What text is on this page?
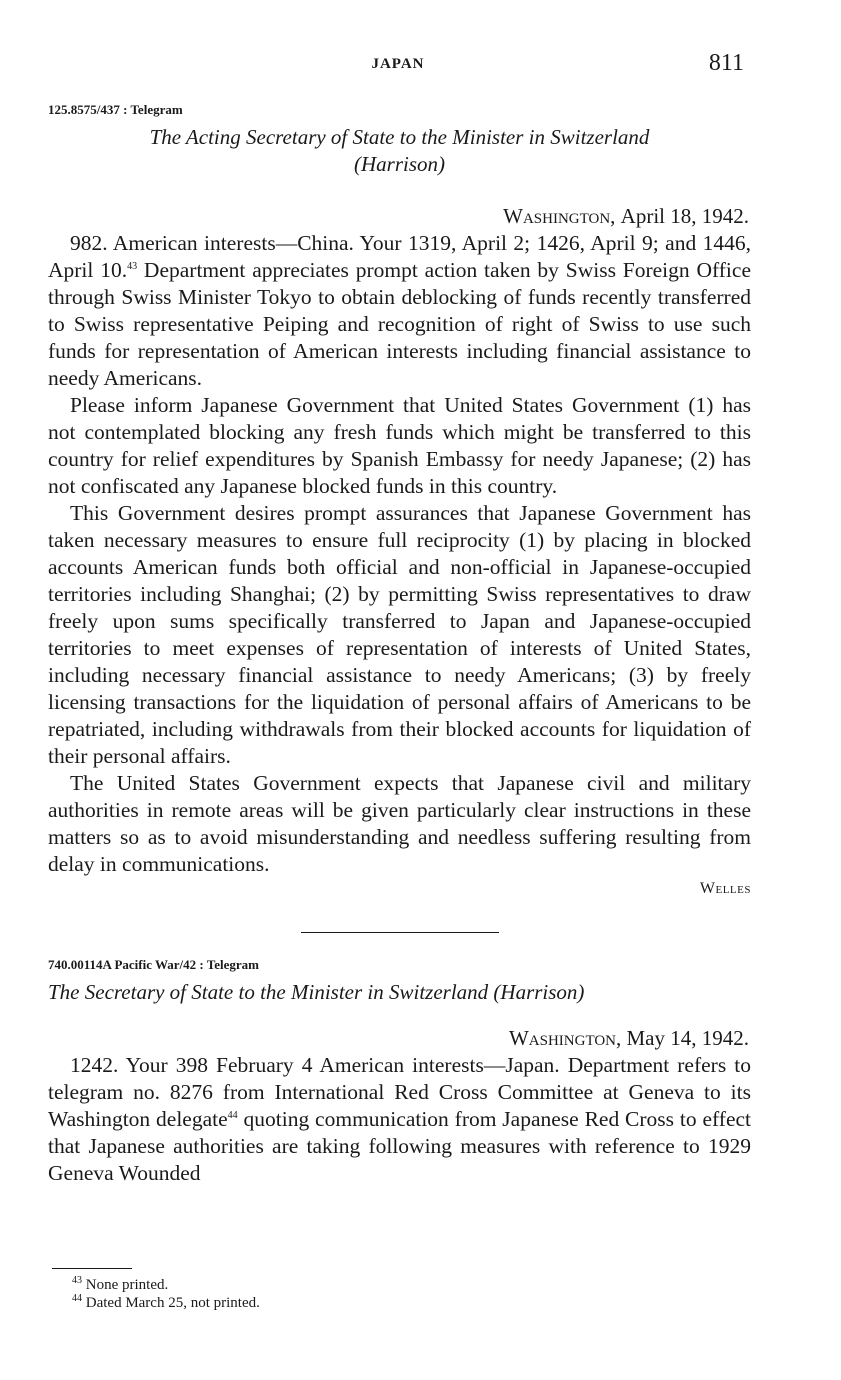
JAPAN	811
125.8575/437 : Telegram
The Acting Secretary of State to the Minister in Switzerland
(Harrison)
Washington, April 18, 1942.

982. American interests—China. Your 1319, April 2; 1426, April 9; and 1446, April 10.43 Department appreciates prompt action taken by Swiss Foreign Office through Swiss Minister Tokyo to obtain deblocking of funds recently transferred to Swiss representative Peiping and recognition of right of Swiss to use such funds for representation of American interests including financial assistance to needy Americans.

Please inform Japanese Government that United States Government (1) has not contemplated blocking any fresh funds which might be transferred to this country for relief expenditures by Spanish Embassy for needy Japanese; (2) has not confiscated any Japanese blocked funds in this country.

This Government desires prompt assurances that Japanese Government has taken necessary measures to ensure full reciprocity (1) by placing in blocked accounts American funds both official and non-official in Japanese-occupied territories including Shanghai; (2) by permitting Swiss representatives to draw freely upon sums specifically transferred to Japan and Japanese-occupied territories to meet expenses of representation of interests of United States, including necessary financial assistance to needy Americans; (3) by freely licensing transactions for the liquidation of personal affairs of Americans to be repatriated, including withdrawals from their blocked accounts for liquidation of their personal affairs.

The United States Government expects that Japanese civil and military authorities in remote areas will be given particularly clear instructions in these matters so as to avoid misunderstanding and needless suffering resulting from delay in communications.

Welles
740.00114A Pacific War/42 : Telegram
The Secretary of State to the Minister in Switzerland (Harrison)
Washington, May 14, 1942.

1242. Your 398 February 4 American interests—Japan. Department refers to telegram no. 8276 from International Red Cross Committee at Geneva to its Washington delegate$^{44}$ quoting communication from Japanese Red Cross to effect that Japanese authorities are taking following measures with reference to 1929 Geneva Wounded

$^{43}$ None printed.
$^{44}$ Dated March 25, not printed.
